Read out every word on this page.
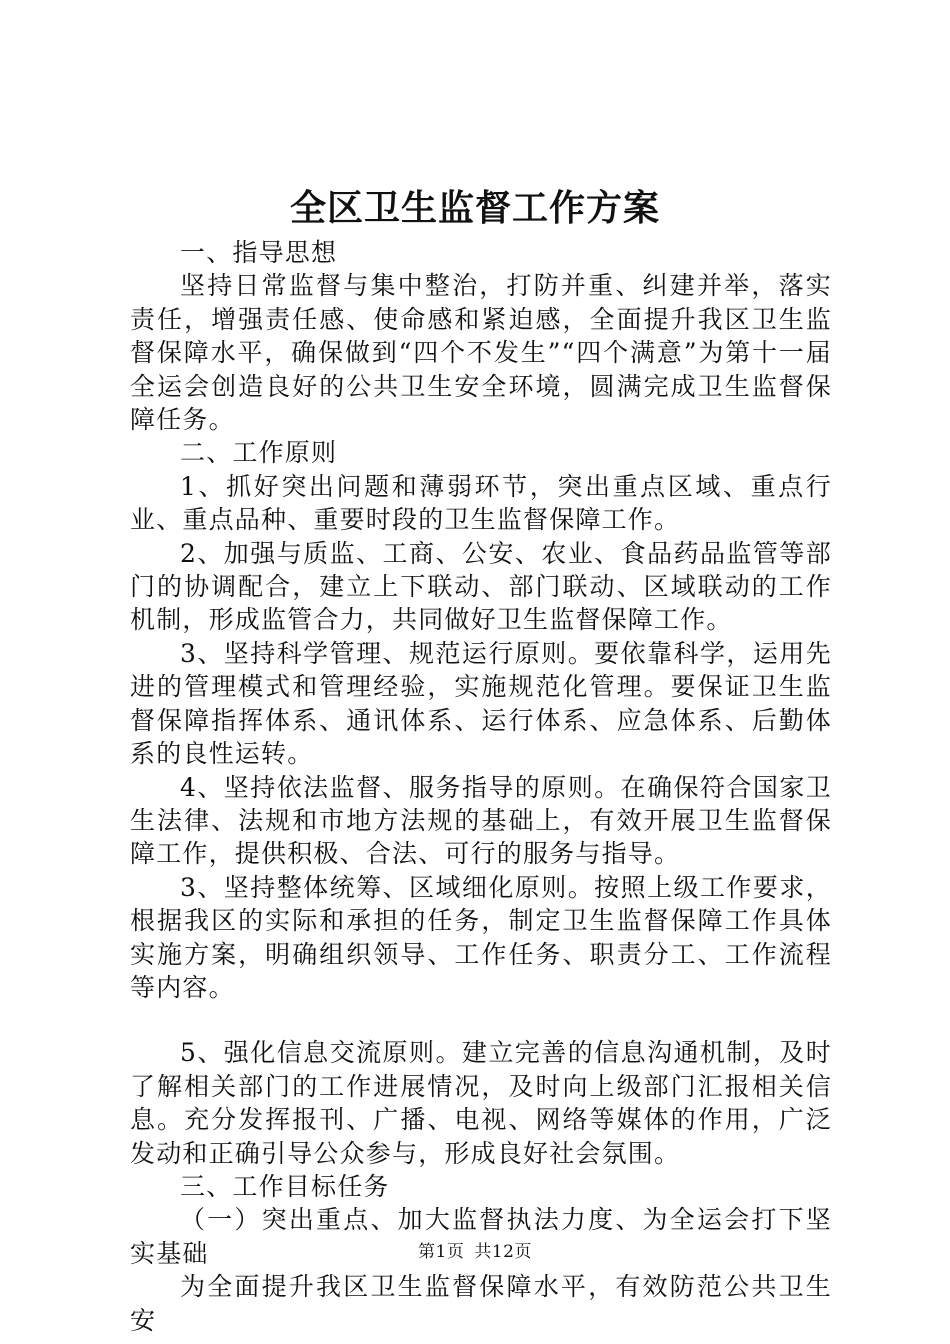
全区卫生监督工作方案

一、指导思想

坚持日常监督与集中整治，打防并重、纠建并举，落实责任，增强责任感、使命感和紧迫感，全面提升我区卫生监督保障水平，确保做到“四个不发生”“四个满意”为第十一届全运会创造良好的公共卫生安全环境，圆满完成卫生监督保障任务。

二、工作原则

1、抓好突出问题和薄弱环节，突出重点区域、重点行业、重点品种、重要时段的卫生监督保障工作。

2、加强与质监、工商、公安、农业、食品药品监管等部门的协调配合，建立上下联动、部门联动、区域联动的工作机制，形成监管合力，共同做好卫生监督保障工作。

3、坚持科学管理、规范运行原则。要依靠科学，运用先进的管理模式和管理经验，实施规范化管理。要保证卫生监督保障指挥体系、通讯体系、运行体系、应急体系、后勤体系的良性运转。

4、坚持依法监督、服务指导的原则。在确保符合国家卫生法律、法规和市地方法规的基础上，有效开展卫生监督保障工作，提供积极、合法、可行的服务与指导。

3、坚持整体统筹、区域细化原则。按照上级工作要求，根据我区的实际和承担的任务，制定卫生监督保障工作具体实施方案，明确组织领导、工作任务、职责分工、工作流程等内容。

5、强化信息交流原则。建立完善的信息沟通机制，及时了解相关部门的工作进展情况，及时向上级部门汇报相关信息。充分发挥报刊、广播、电视、网络等媒体的作用，广泛发动和正确引导公众参与，形成良好社会氛围。

三、工作目标任务

（一）突出重点、加大监督执法力度、为全运会打下坚实基础

为全面提升我区卫生监督保障水平，有效防范公共卫生安

第1页 共12页
